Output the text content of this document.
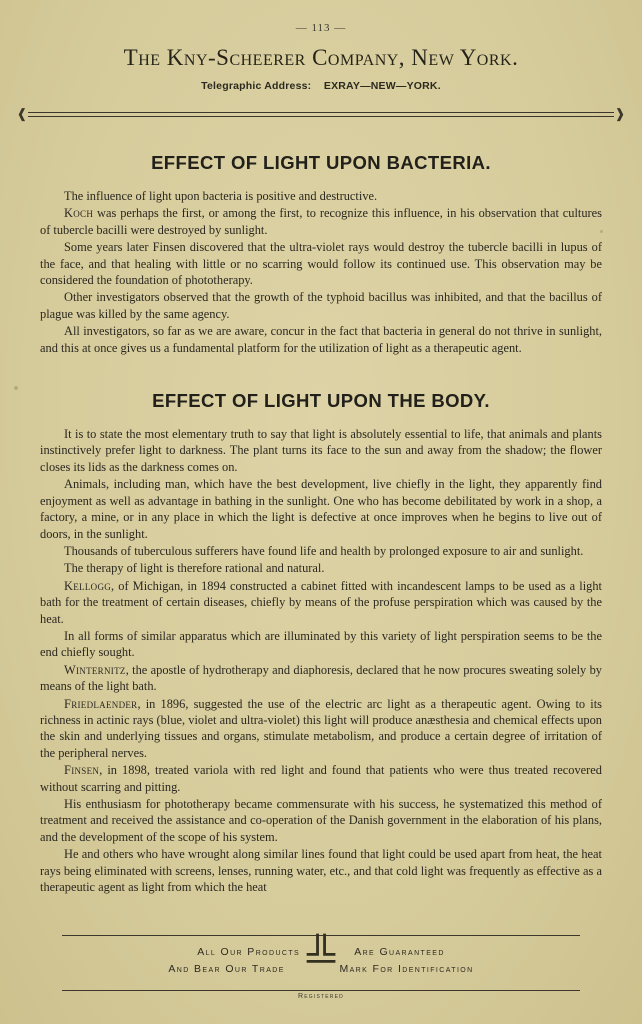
— 113 —
The Kny-Scheerer Company, New York.
Telegraphic Address: EXRAY—NEW—YORK.
❰	❱
EFFECT OF LIGHT UPON BACTERIA.

The influence of light upon bacteria is positive and destructive.

Koch was perhaps the first, or among the first, to recognize this influence, in his observation that cultures of tubercle bacilli were destroyed by sunlight.

Some years later Finsen discovered that the ultra-violet rays would destroy the tubercle bacilli in lupus of the face, and that healing with little or no scarring would follow its continued use. This observation may be considered the foundation of phototherapy.

Other investigators observed that the growth of the typhoid bacillus was inhibited, and that the bacillus of plague was killed by the same agency.

All investigators, so far as we are aware, concur in the fact that bacteria in general do not thrive in sunlight, and this at once gives us a fundamental platform for the utilization of light as a therapeutic agent.

EFFECT OF LIGHT UPON THE BODY.

It is to state the most elementary truth to say that light is absolutely essential to life, that animals and plants instinctively prefer light to darkness. The plant turns its face to the sun and away from the shadow; the flower closes its lids as the darkness comes on.

Animals, including man, which have the best development, live chiefly in the light, they apparently find enjoyment as well as advantage in bathing in the sunlight. One who has become debilitated by work in a shop, a factory, a mine, or in any place in which the light is defective at once improves when he begins to live out of doors, in the sunlight.

Thousands of tuberculous sufferers have found life and health by prolonged exposure to air and sunlight.

The therapy of light is therefore rational and natural.

Kellogg, of Michigan, in 1894 constructed a cabinet fitted with incandescent lamps to be used as a light bath for the treatment of certain diseases, chiefly by means of the profuse perspiration which was caused by the heat.

In all forms of similar apparatus which are illuminated by this variety of light perspiration seems to be the end chiefly sought.

Winternitz, the apostle of hydrotherapy and diaphoresis, declared that he now procures sweating solely by means of the light bath.

Friedlaender, in 1896, suggested the use of the electric arc light as a therapeutic agent. Owing to its richness in actinic rays (blue, violet and ultra-violet) this light will produce anæsthesia and chemical effects upon the skin and underlying tissues and organs, stimulate metabolism, and produce a certain degree of irritation of the peripheral nerves.

Finsen, in 1898, treated variola with red light and found that patients who were thus treated recovered without scarring and pitting.

His enthusiasm for phototherapy became commensurate with his success, he systematized this method of treatment and received the assistance and co-operation of the Danish government in the elaboration of his plans, and the development of the scope of his system.

He and others who have wrought along similar lines found that light could be used apart from heat, the heat rays being eliminated with screens, lenses, running water, etc., and that cold light was frequently as effective as a therapeutic agent as light from which the heat

All Our Products	Are Guaranteed
And Bear Our Trade	Mark For Identification
╩
Registered
